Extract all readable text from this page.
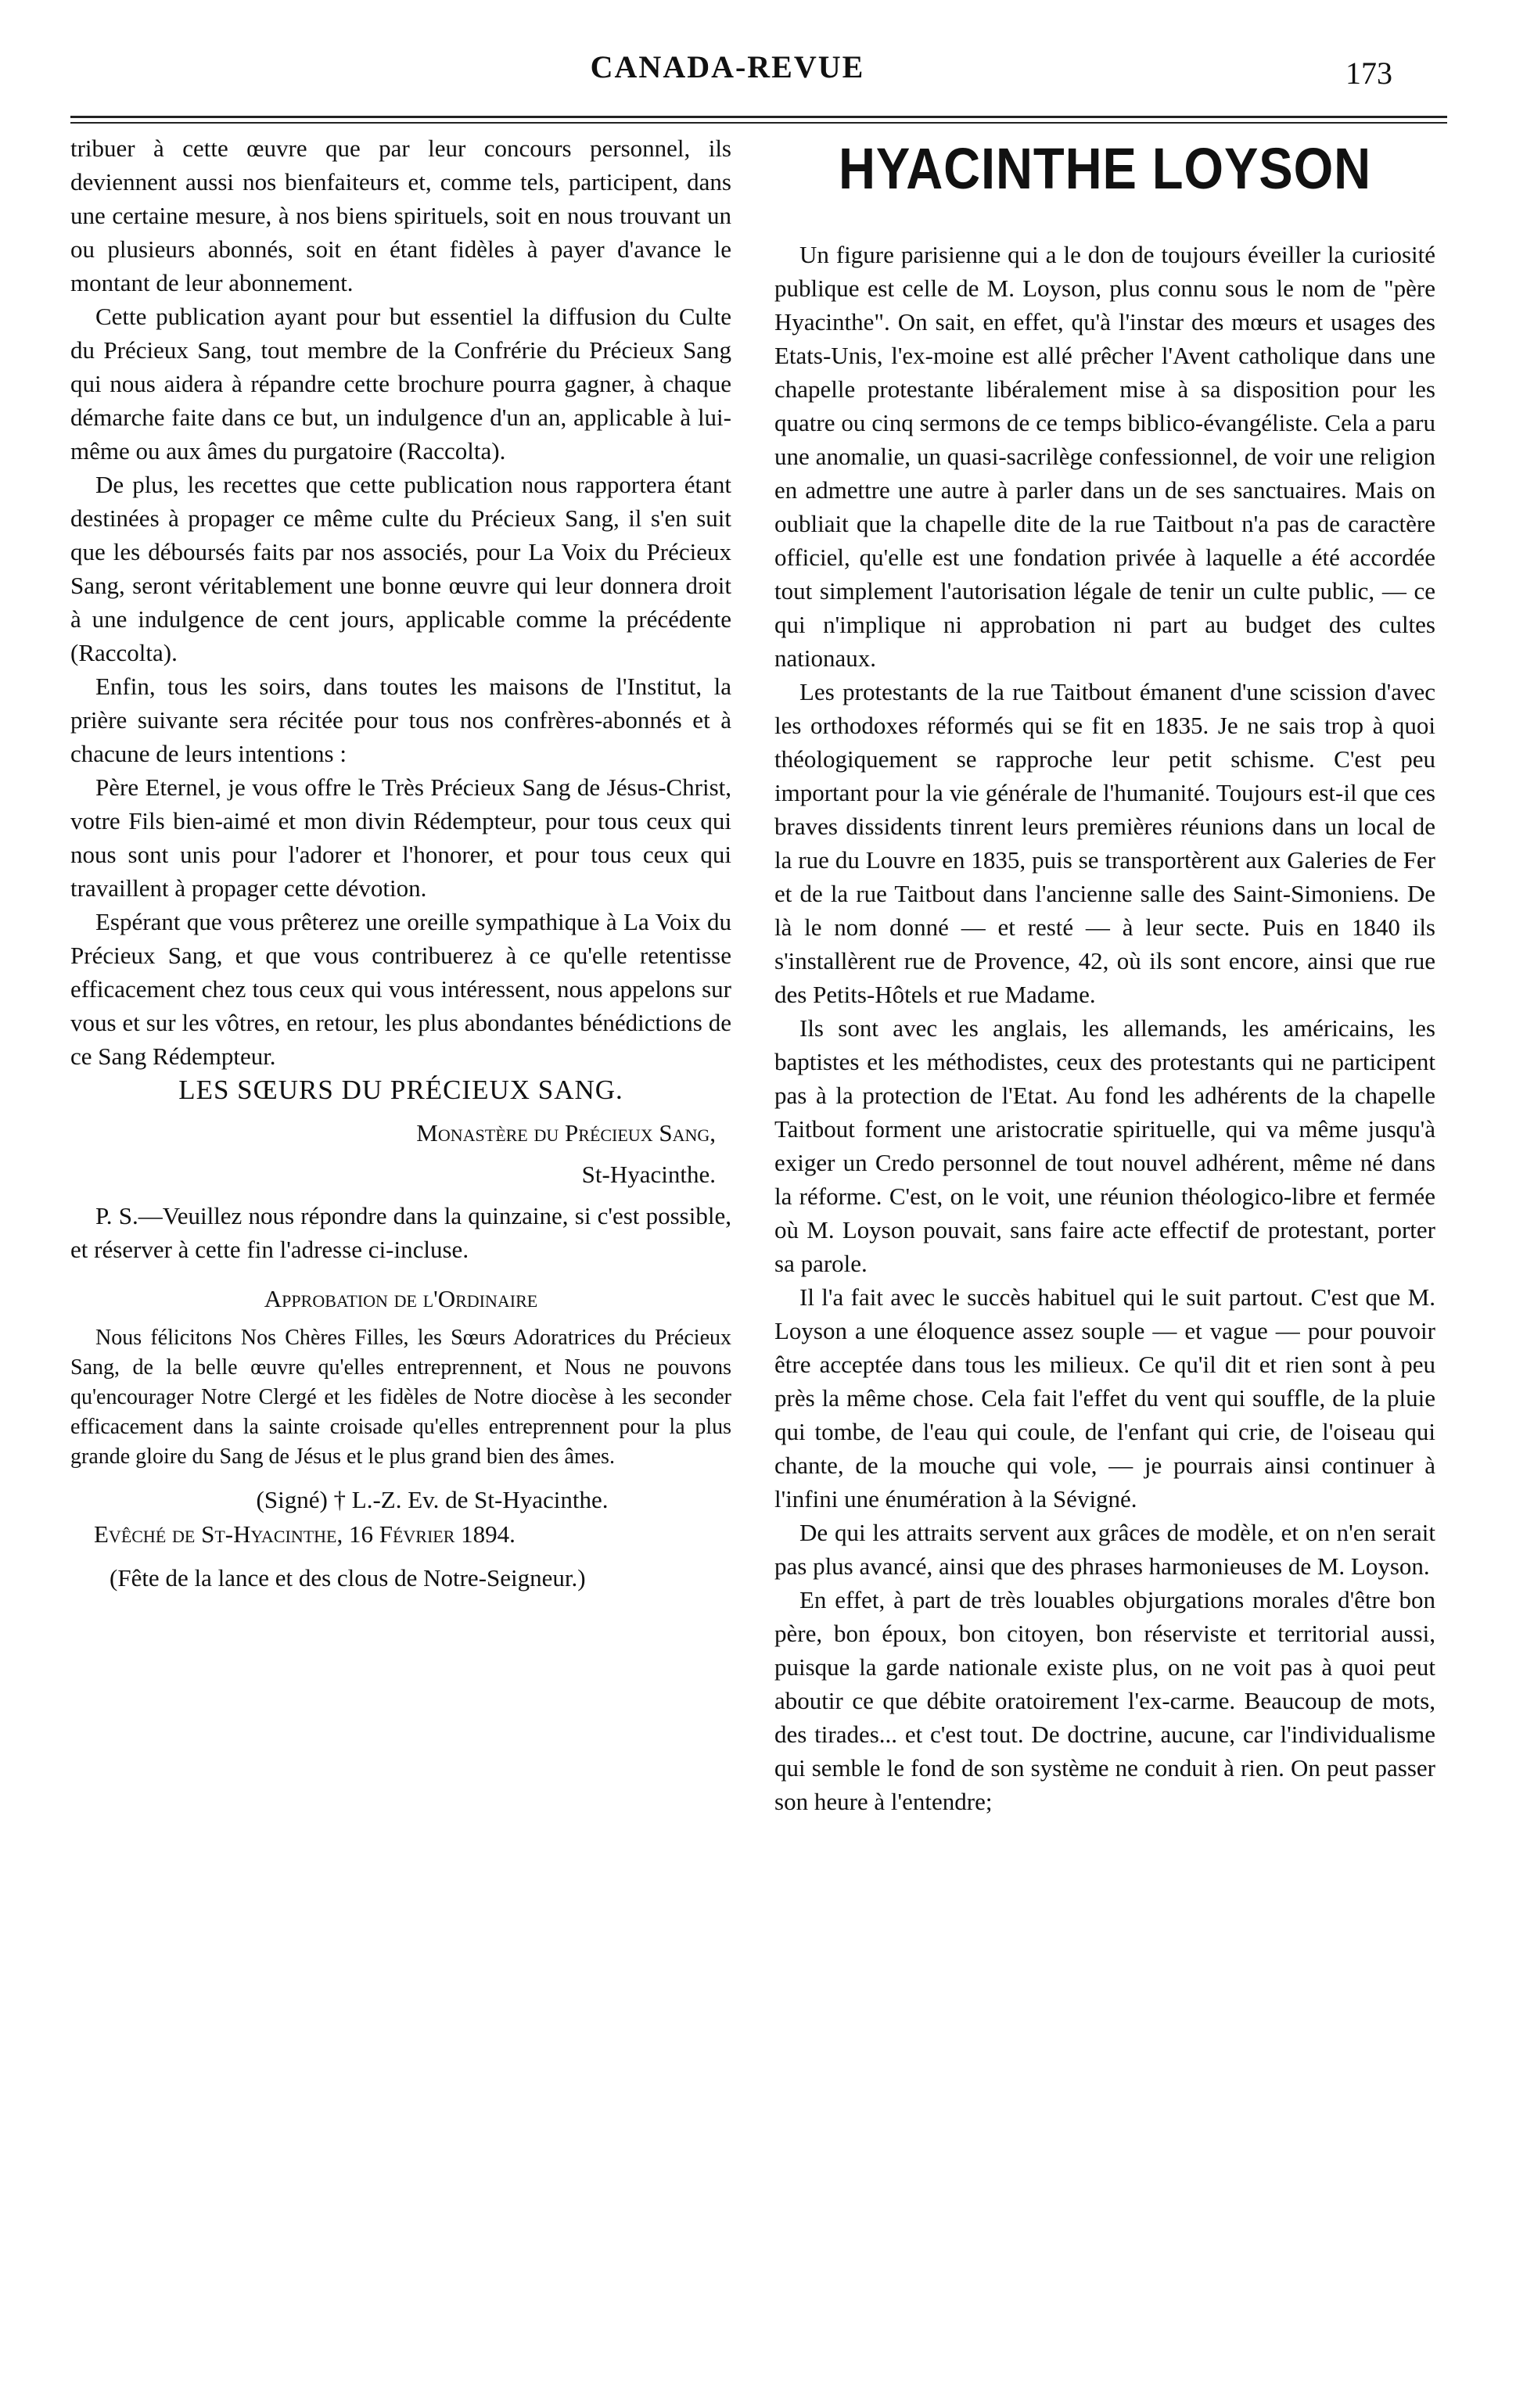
CANADA-REVUE	173

tribuer à cette œuvre que par leur concours personnel, ils deviennent aussi nos bienfaiteurs et, comme tels, participent, dans une certaine mesure, à nos biens spirituels, soit en nous trouvant un ou plusieurs abonnés, soit en étant fidèles à payer d'avance le montant de leur abonnement.

Cette publication ayant pour but essentiel la diffusion du Culte du Précieux Sang, tout membre de la Confrérie du Précieux Sang qui nous aidera à répandre cette brochure pourra gagner, à chaque démarche faite dans ce but, un indulgence d'un an, applicable à lui-même ou aux âmes du purgatoire (Raccolta).

De plus, les recettes que cette publication nous rapportera étant destinées à propager ce même culte du Précieux Sang, il s'en suit que les déboursés faits par nos associés, pour La Voix du Précieux Sang, seront véritablement une bonne œuvre qui leur donnera droit à une indulgence de cent jours, applicable comme la précédente (Raccolta).

Enfin, tous les soirs, dans toutes les maisons de l'Institut, la prière suivante sera récitée pour tous nos confrères-abonnés et à chacune de leurs intentions :

Père Eternel, je vous offre le Très Précieux Sang de Jésus-Christ, votre Fils bien-aimé et mon divin Rédempteur, pour tous ceux qui nous sont unis pour l'adorer et l'honorer, et pour tous ceux qui travaillent à propager cette dévotion.

Espérant que vous prêterez une oreille sympathique à La Voix du Précieux Sang, et que vous contribuerez à ce qu'elle retentisse efficacement chez tous ceux qui vous intéressent, nous appelons sur vous et sur les vôtres, en retour, les plus abondantes bénédictions de ce Sang Rédempteur.

LES SŒURS DU PRÉCIEUX SANG.

Monastère du Précieux Sang,

St-Hyacinthe.

P. S.—Veuillez nous répondre dans la quinzaine, si c'est possible, et réserver à cette fin l'adresse ci-incluse.

Approbation de l'Ordinaire

Nous félicitons Nos Chères Filles, les Sœurs Adoratrices du Précieux Sang, de la belle œuvre qu'elles entreprennent, et Nous ne pouvons qu'encourager Notre Clergé et les fidèles de Notre diocèse à les seconder efficacement dans la sainte croisade qu'elles entreprennent pour la plus grande gloire du Sang de Jésus et le plus grand bien des âmes.

(Signé) † L.-Z. Ev. de St-Hyacinthe.

Evêché de St-Hyacinthe, 16 Février 1894.

(Fête de la lance et des clous de Notre-Seigneur.)

HYACINTHE LOYSON

Un figure parisienne qui a le don de toujours éveiller la curiosité publique est celle de M. Loyson, plus connu sous le nom de "père Hyacinthe". On sait, en effet, qu'à l'instar des mœurs et usages des Etats-Unis, l'ex-moine est allé prêcher l'Avent catholique dans une chapelle protestante libéralement mise à sa disposition pour les quatre ou cinq sermons de ce temps biblico-évangéliste. Cela a paru une anomalie, un quasi-sacrilège confessionnel, de voir une religion en admettre une autre à parler dans un de ses sanctuaires. Mais on oubliait que la chapelle dite de la rue Taitbout n'a pas de caractère officiel, qu'elle est une fondation privée à laquelle a été accordée tout simplement l'autorisation légale de tenir un culte public, — ce qui n'implique ni approbation ni part au budget des cultes nationaux.

Les protestants de la rue Taitbout émanent d'une scission d'avec les orthodoxes réformés qui se fit en 1835. Je ne sais trop à quoi théologiquement se rapproche leur petit schisme. C'est peu important pour la vie générale de l'humanité. Toujours est-il que ces braves dissidents tinrent leurs premières réunions dans un local de la rue du Louvre en 1835, puis se transportèrent aux Galeries de Fer et de la rue Taitbout dans l'ancienne salle des Saint-Simoniens. De là le nom donné — et resté — à leur secte. Puis en 1840 ils s'installèrent rue de Provence, 42, où ils sont encore, ainsi que rue des Petits-Hôtels et rue Madame.

Ils sont avec les anglais, les allemands, les américains, les baptistes et les méthodistes, ceux des protestants qui ne participent pas à la protection de l'Etat. Au fond les adhérents de la chapelle Taitbout forment une aristocratie spirituelle, qui va même jusqu'à exiger un Credo personnel de tout nouvel adhérent, même né dans la réforme. C'est, on le voit, une réunion théologico-libre et fermée où M. Loyson pouvait, sans faire acte effectif de protestant, porter sa parole.

Il l'a fait avec le succès habituel qui le suit partout. C'est que M. Loyson a une éloquence assez souple — et vague — pour pouvoir être acceptée dans tous les milieux. Ce qu'il dit et rien sont à peu près la même chose. Cela fait l'effet du vent qui souffle, de la pluie qui tombe, de l'eau qui coule, de l'enfant qui crie, de l'oiseau qui chante, de la mouche qui vole, — je pourrais ainsi continuer à l'infini une énumération à la Sévigné.

De qui les attraits servent aux grâces de modèle, et on n'en serait pas plus avancé, ainsi que des phrases harmonieuses de M. Loyson.

En effet, à part de très louables objurgations morales d'être bon père, bon époux, bon citoyen, bon réserviste et territorial aussi, puisque la garde nationale existe plus, on ne voit pas à quoi peut aboutir ce que débite oratoirement l'ex-carme. Beaucoup de mots, des tirades... et c'est tout. De doctrine, aucune, car l'individualisme qui semble le fond de son système ne conduit à rien. On peut passer son heure à l'entendre;
